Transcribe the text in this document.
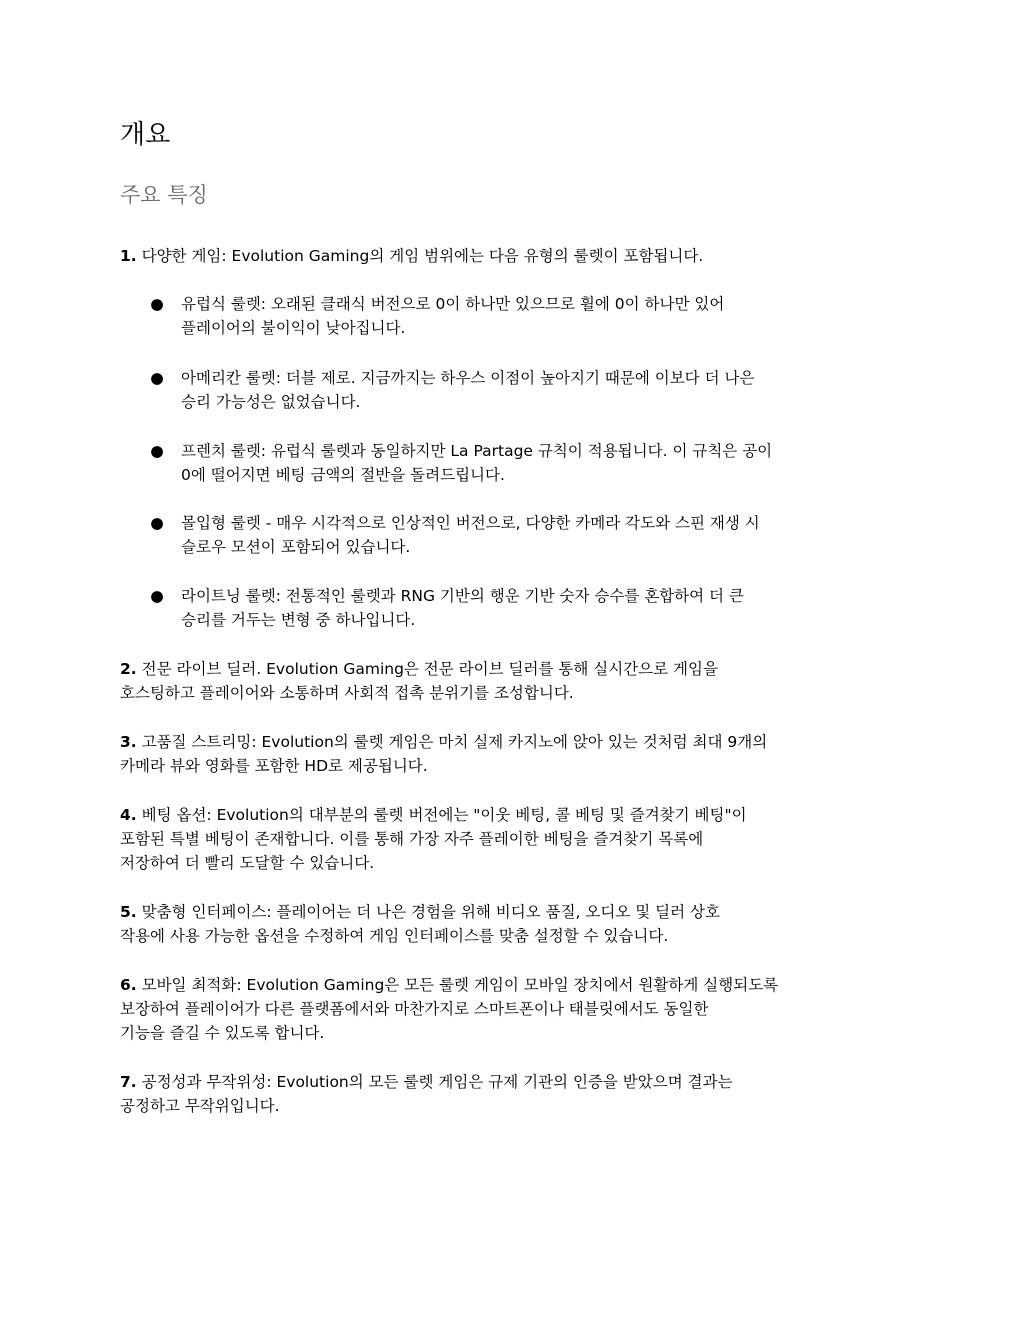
개요
주요 특징
1. 다양한 게임: Evolution Gaming의 게임 범위에는 다음 유형의 룰렛이 포함됩니다.
● 유럽식 룰렛: 오래된 클래식 버전으로 0이 하나만 있으므로 휠에 0이 하나만 있어
플레이어의 불이익이 낮아집니다.
● 아메리칸 룰렛: 더블 제로. 지금까지는 하우스 이점이 높아지기 때문에 이보다 더 나은
승리 가능성은 없었습니다.
● 프렌치 룰렛: 유럽식 룰렛과 동일하지만 La Partage 규칙이 적용됩니다. 이 규칙은 공이
0에 떨어지면 베팅 금액의 절반을 돌려드립니다.
● 몰입형 룰렛 - 매우 시각적으로 인상적인 버전으로, 다양한 카메라 각도와 스핀 재생 시
슬로우 모션이 포함되어 있습니다.
● 라이트닝 룰렛: 전통적인 룰렛과 RNG 기반의 행운 기반 숫자 승수를 혼합하여 더 큰
승리를 거두는 변형 중 하나입니다.
2. 전문 라이브 딜러. Evolution Gaming은 전문 라이브 딜러를 통해 실시간으로 게임을
호스팅하고 플레이어와 소통하며 사회적 접촉 분위기를 조성합니다.
3. 고품질 스트리밍: Evolution의 룰렛 게임은 마치 실제 카지노에 앉아 있는 것처럼 최대 9개의
카메라 뷰와 영화를 포함한 HD로 제공됩니다.
4. 베팅 옵션: Evolution의 대부분의 룰렛 버전에는 "이웃 베팅, 콜 베팅 및 즐겨찾기 베팅"이
포함된 특별 베팅이 존재합니다. 이를 통해 가장 자주 플레이한 베팅을 즐겨찾기 목록에
저장하여 더 빨리 도달할 수 있습니다.
5. 맞춤형 인터페이스: 플레이어는 더 나은 경험을 위해 비디오 품질, 오디오 및 딜러 상호
작용에 사용 가능한 옵션을 수정하여 게임 인터페이스를 맞춤 설정할 수 있습니다.
6. 모바일 최적화: Evolution Gaming은 모든 룰렛 게임이 모바일 장치에서 원활하게 실행되도록
보장하여 플레이어가 다른 플랫폼에서와 마찬가지로 스마트폰이나 태블릿에서도 동일한
기능을 즐길 수 있도록 합니다.
7. 공정성과 무작위성: Evolution의 모든 룰렛 게임은 규제 기관의 인증을 받았으며 결과는
공정하고 무작위입니다.
